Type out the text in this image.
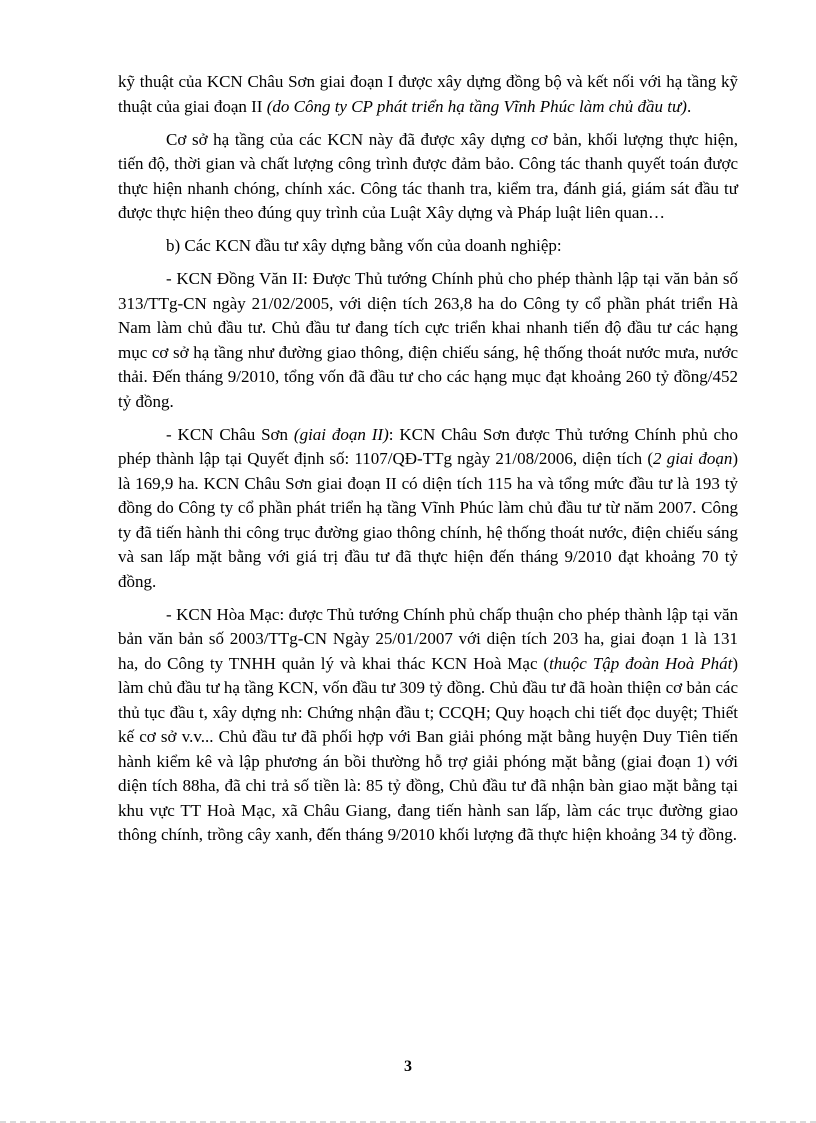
kỹ thuật của KCN Châu Sơn giai đoạn I được xây dựng đồng bộ và kết nối với hạ tầng kỹ thuật của giai đoạn II (do Công ty CP phát triển hạ tầng Vĩnh Phúc làm chủ đầu tư).

Cơ sở hạ tầng của các KCN này đã được xây dựng cơ bản, khối lượng thực hiện, tiến độ, thời gian và chất lượng công trình được đảm bảo. Công tác thanh quyết toán được thực hiện nhanh chóng, chính xác. Công tác thanh tra, kiểm tra, đánh giá, giám sát đầu tư được thực hiện theo đúng quy trình của Luật Xây dựng và Pháp luật liên quan…

b) Các KCN đầu tư xây dựng bằng vốn của doanh nghiệp:

- KCN Đồng Văn II: Được Thủ tướng Chính phủ cho phép thành lập tại văn bản số 313/TTg-CN ngày 21/02/2005, với diện tích 263,8 ha do Công ty cổ phần phát triển Hà Nam làm chủ đầu tư. Chủ đầu tư đang tích cực triển khai nhanh tiến độ đầu tư các hạng mục cơ sở hạ tầng như đường giao thông, điện chiếu sáng, hệ thống thoát nước mưa, nước thải. Đến tháng 9/2010, tổng vốn đã đầu tư cho các hạng mục đạt khoảng 260 tỷ đồng/452 tỷ đồng.

- KCN Châu Sơn (giai đoạn II): KCN Châu Sơn được Thủ tướng Chính phủ cho phép thành lập tại Quyết định số: 1107/QĐ-TTg ngày 21/08/2006, diện tích (2 giai đoạn) là 169,9 ha. KCN Châu Sơn giai đoạn II có diện tích 115 ha và tổng mức đầu tư là 193 tỷ đồng do Công ty cổ phần phát triển hạ tầng Vĩnh Phúc làm chủ đầu tư từ năm 2007. Công ty đã tiến hành thi công trục đường giao thông chính, hệ thống thoát nước, điện chiếu sáng và san lấp mặt bằng với giá trị đầu tư đã thực hiện đến tháng 9/2010 đạt khoảng 70 tỷ đồng.

- KCN Hòa Mạc: được Thủ tướng Chính phủ chấp thuận cho phép thành lập tại văn bản văn bản số 2003/TTg-CN Ngày 25/01/2007 với diện tích 203 ha, giai đoạn 1 là 131 ha, do Công ty TNHH quản lý và khai thác KCN Hoà Mạc (thuộc Tập đoàn Hoà Phát) làm chủ đầu tư hạ tầng KCN, vốn đầu tư 309 tỷ đồng. Chủ đầu tư đã hoàn thiện cơ bản các thủ tục đầu t, xây dựng nh: Chứng nhận đầu t; CCQH; Quy hoạch chi tiết đọc duyệt; Thiết kế cơ sở v.v... Chủ đầu tư đã phối hợp với Ban giải phóng mặt bằng huyện Duy Tiên tiến hành kiểm kê và lập phương án bồi thường hỗ trợ giải phóng mặt bằng (giai đoạn 1) với diện tích 88ha, đã chi trả số tiền là: 85 tỷ đồng, Chủ đầu tư đã nhận bàn giao mặt bằng tại khu vực TT Hoà Mạc, xã Châu Giang, đang tiến hành san lấp, làm các trục đường giao thông chính, trồng cây xanh, đến tháng 9/2010 khối lượng đã thực hiện khoảng 34 tỷ đồng.

3
